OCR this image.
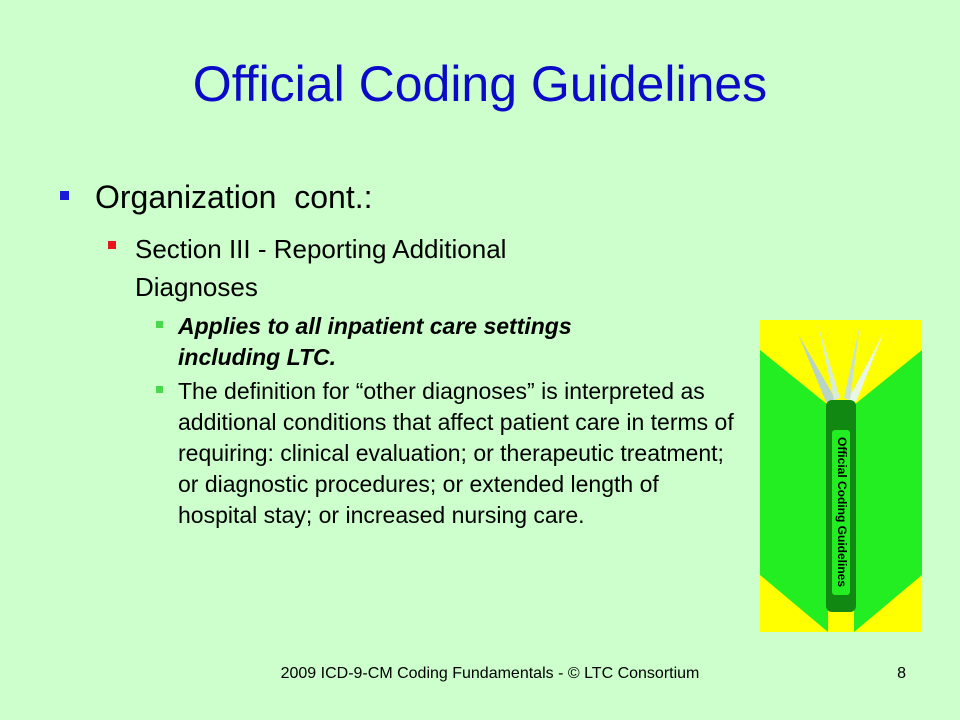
Official Coding Guidelines
Organization  cont.:
Section III - Reporting Additional Diagnoses
Applies to all inpatient care settings including LTC.
The definition for “other diagnoses” is interpreted as additional conditions that affect patient care in terms of requiring: clinical evaluation; or therapeutic treatment; or diagnostic procedures; or extended length of hospital stay; or increased nursing care.	Official Coding Guidelines
2009 ICD-9-CM Coding Fundamentals - © LTC Consortium	8
